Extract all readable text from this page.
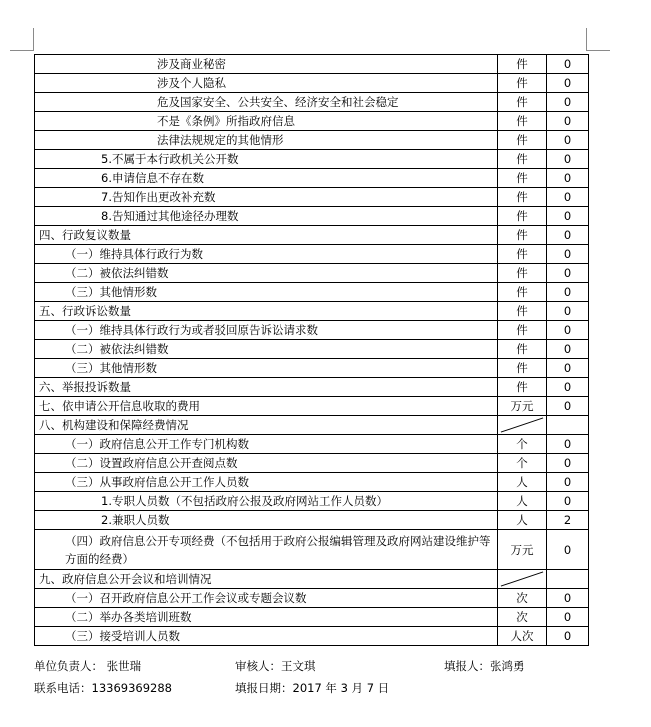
涉及商业秘密	件	0
涉及个人隐私	件	0
危及国家安全、公共安全、经济安全和社会稳定	件	0
不是《条例》所指政府信息	件	0
法律法规规定的其他情形	件	0
5.不属于本行政机关公开数	件	0
6.申请信息不存在数	件	0
7.告知作出更改补充数	件	0
8.告知通过其他途径办理数	件	0
四、行政复议数量	件	0
（一）维持具体行政行为数	件	0
（二）被依法纠错数	件	0
（三）其他情形数	件	0
五、行政诉讼数量	件	0
（一）维持具体行政行为或者驳回原告诉讼请求数	件	0
（二）被依法纠错数	件	0
（三）其他情形数	件	0
六、举报投诉数量	件	0
七、依申请公开信息收取的费用	万元	0
八、机构建设和保障经费情况	

（一）政府信息公开工作专门机构数	个	0
（二）设置政府信息公开查阅点数	个	0
（三）从事政府信息公开工作人员数	人	0
1.专职人员数（不包括政府公报及政府网站工作人员数）	人	0
2.兼职人员数	人	2
（四）政府信息公开专项经费（不包括用于政府公报编辑管理及政府网站建设维护等方面的经费）	万元	0
九、政府信息公开会议和培训情况	

（一）召开政府信息公开工作会议或专题会议数	次	0
（二）举办各类培训班数	次	0
（三）接受培训人员数	人次	0
单位负责人： 张世瑞	审核人：王文琪	填报人：张鸿勇
联系电话：13369369288	填报日期：2017 年 3 月 7 日
